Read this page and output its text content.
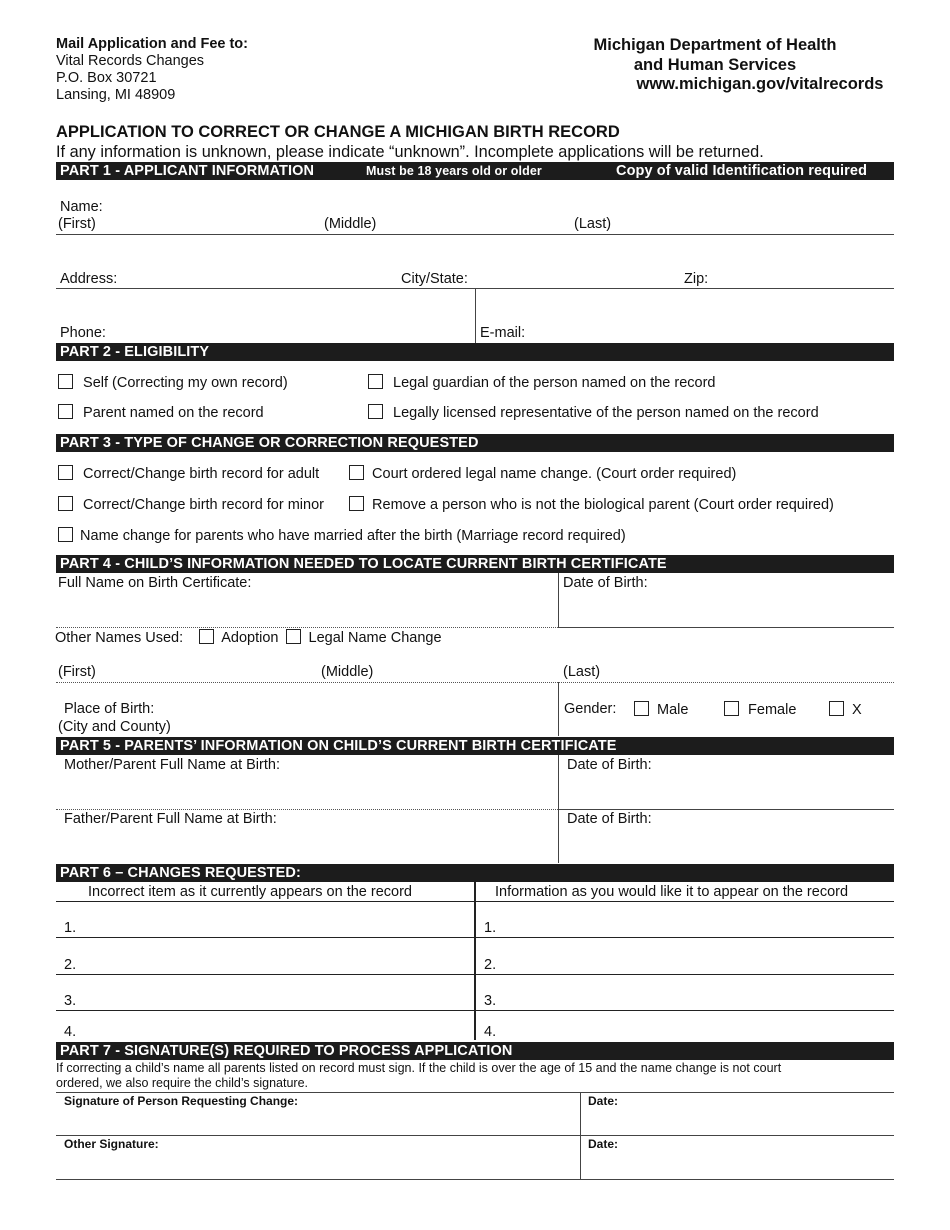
Mail Application and Fee to:
Vital Records Changes
P.O. Box 30721
Lansing, MI 48909
Michigan Department of Health
and Human Services
www.michigan.gov/vitalrecords
APPLICATION TO CORRECT OR CHANGE A MICHIGAN BIRTH RECORD
If any information is unknown, please indicate “unknown”. Incomplete applications will be returned.
PART 1 - APPLICANT INFORMATION	Must be 18 years old or older	Copy of valid Identification required
Name:
(First)	(Middle)	(Last)
Address:	City/State:	Zip:
Phone:	E-mail:
PART 2 - ELIGIBILITY
Self (Correcting my own record)	Legal guardian of the person named on the record
Parent named on the record	Legally licensed representative of the person named on the record
PART 3 - TYPE OF CHANGE OR CORRECTION REQUESTED
Correct/Change birth record for adult	Court ordered legal name change. (Court order required)
Correct/Change birth record for minor	Remove a person who is not the biological parent (Court order required)
Name change for parents who have married after the birth (Marriage record required)
PART 4 - CHILD’S INFORMATION NEEDED TO LOCATE CURRENT BIRTH CERTIFICATE
Full Name on Birth Certificate:	Date of Birth:
Other Names Used:	Adoption Legal Name Change
(First)	(Middle)	(Last)
Place of Birth:
(City and County)
Gender:	Male	Female	X
PART 5 - PARENTS’ INFORMATION ON CHILD’S CURRENT BIRTH CERTIFICATE
Mother/Parent Full Name at Birth:	Date of Birth:
Father/Parent Full Name at Birth:	Date of Birth:
PART 6 – CHANGES REQUESTED:
Incorrect item as it currently appears on the record	Information as you would like it to appear on the record
1.	1.
2.	2.
3.	3.
4.	4.
PART 7 - SIGNATURE(S) REQUIRED TO PROCESS APPLICATION
If correcting a child’s name all parents listed on record must sign. If the child is over the age of 15 and the name change is not court
ordered, we also require the child’s signature.
Signature of Person Requesting Change:	Date:
Other Signature:	Date:
